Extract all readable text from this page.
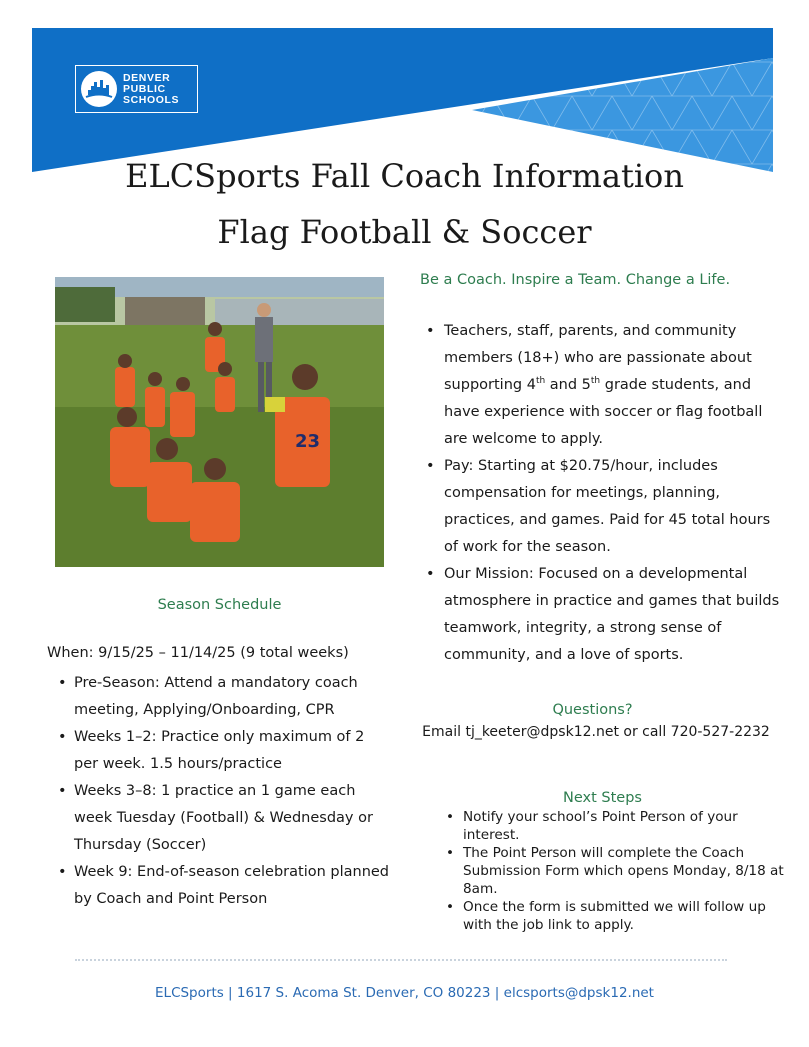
DENVER
PUBLIC
SCHOOLS
ELCSports Fall Coach Information
Flag Football & Soccer
23
Be a Coach. Inspire a Team. Change a Life.
• Teachers, staff, parents, and community members (18+) who are passionate about supporting 4th and 5th grade students, and have experience with soccer or flag football are welcome to apply.
• Pay: Starting at $20.75/hour, includes compensation for meetings, planning, practices, and games. Paid for 45 total hours of work for the season.
• Our Mission: Focused on a developmental atmosphere in practice and games that builds teamwork, integrity, a strong sense of community, and a love of sports.
Season Schedule
When: 9/15/25 – 11/14/25 (9 total weeks)
• Pre-Season: Attend a mandatory coach meeting, Applying/Onboarding, CPR
• Weeks 1–2: Practice only maximum of 2 per week. 1.5 hours/practice
• Weeks 3–8: 1 practice an 1 game each week Tuesday (Football) & Wednesday or Thursday (Soccer)
• Week 9: End-of-season celebration planned by Coach and Point Person
Questions?
Email tj_keeter@dpsk12.net or call 720-527-2232
Next Steps
• Notify your school’s Point Person of your interest.
• The Point Person will complete the Coach Submission Form which opens Monday, 8/18 at 8am.
• Once the form is submitted we will follow up with the job link to apply.
ELCSports | 1617 S. Acoma St. Denver, CO 80223 | elcsports@dpsk12.net
